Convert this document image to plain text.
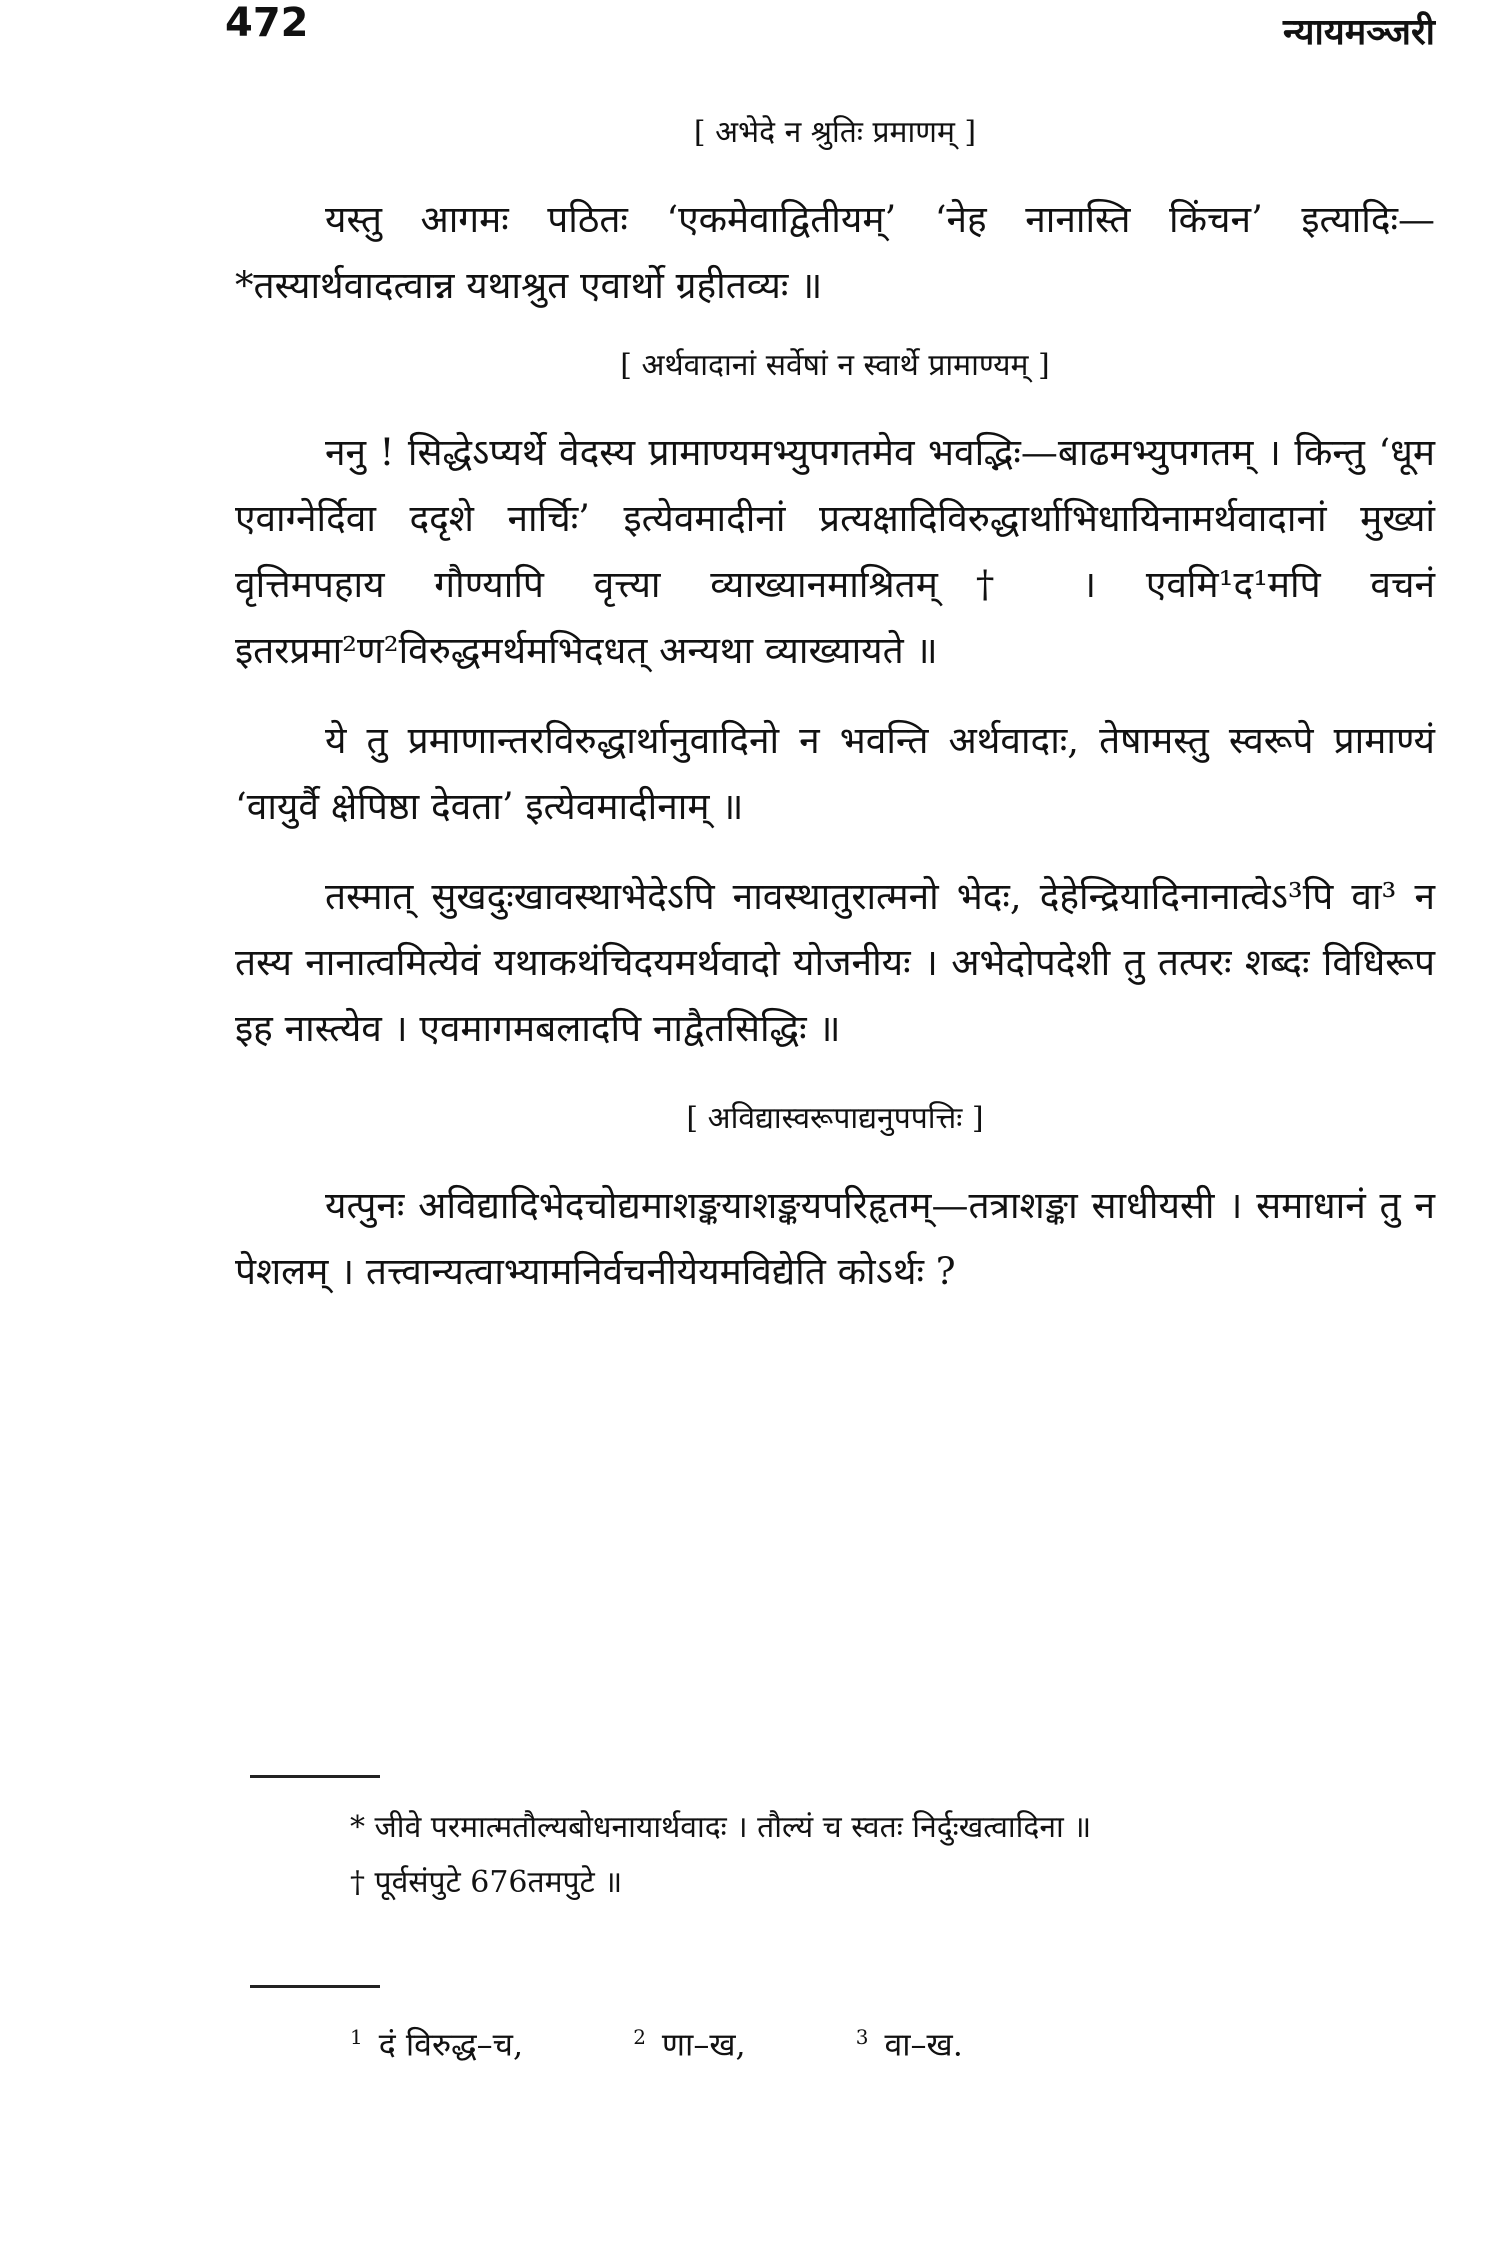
472	न्यायमञ्जरी
[ अभेदे न श्रुतिः प्रमाणम् ]

यस्तु आगमः पठितः ‘एकमेवाद्वितीयम्’ ‘नेह नानास्ति किंचन’ इत्यादिः—*तस्यार्थवादत्वान्न यथाश्रुत एवार्थो ग्रहीतव्यः ॥

[ अर्थवादानां सर्वेषां न स्वार्थे प्रामाण्यम् ]

ननु ! सिद्धेऽप्यर्थे वेदस्य प्रामाण्यमभ्युपगतमेव भवद्भिः—बाढमभ्युपगतम् । किन्तु ‘धूम एवाग्नेर्दिवा ददृशे नार्चिः’ इत्येवमादीनां प्रत्यक्षादिविरुद्धार्थाभिधायिनामर्थवादानां मुख्यां वृत्तिमपहाय गौण्यापि वृत्त्या व्याख्यानमाश्रितम्† । एवमि¹द¹मपि वचनं इतरप्रमा²ण²विरुद्धमर्थमभिदधत् अन्यथा व्याख्यायते ॥

ये तु प्रमाणान्तरविरुद्धार्थानुवादिनो न भवन्ति अर्थवादाः, तेषामस्तु स्वरूपे प्रामाण्यं ‘वायुर्वै क्षेपिष्ठा देवता’ इत्येवमादीनाम् ॥

तस्मात् सुखदुःखावस्थाभेदेऽपि नावस्थातुरात्मनो भेदः, देहेन्द्रियादिनानात्वेऽ³पि वा³ न तस्य नानात्वमित्येवं यथाकथंचिदयमर्थवादो योजनीयः । अभेदोपदेशी तु तत्परः शब्दः विधिरूप इह नास्त्येव । एवमागमबलादपि नाद्वैतसिद्धिः ॥

[ अविद्यास्वरूपाद्यनुपपत्तिः ]

यत्पुनः अविद्यादिभेदचोद्यमाशङ्कयाशङ्कयपरिहृतम्—तत्राशङ्का साधीयसी । समाधानं तु न पेशलम् । तत्त्वान्यत्वाभ्यामनिर्वचनीयेयमविद्येति कोऽर्थः ?

* जीवे परमात्मतौल्यबोधनायार्थवादः । तौल्यं च स्वतः निर्दुःखत्वादिना ॥
† पूर्वसंपुटे 676तमपुटे ॥
$^1$ दं विरुद्ध–च,	$^2$ णा–ख,	$^3$ वा–ख.
